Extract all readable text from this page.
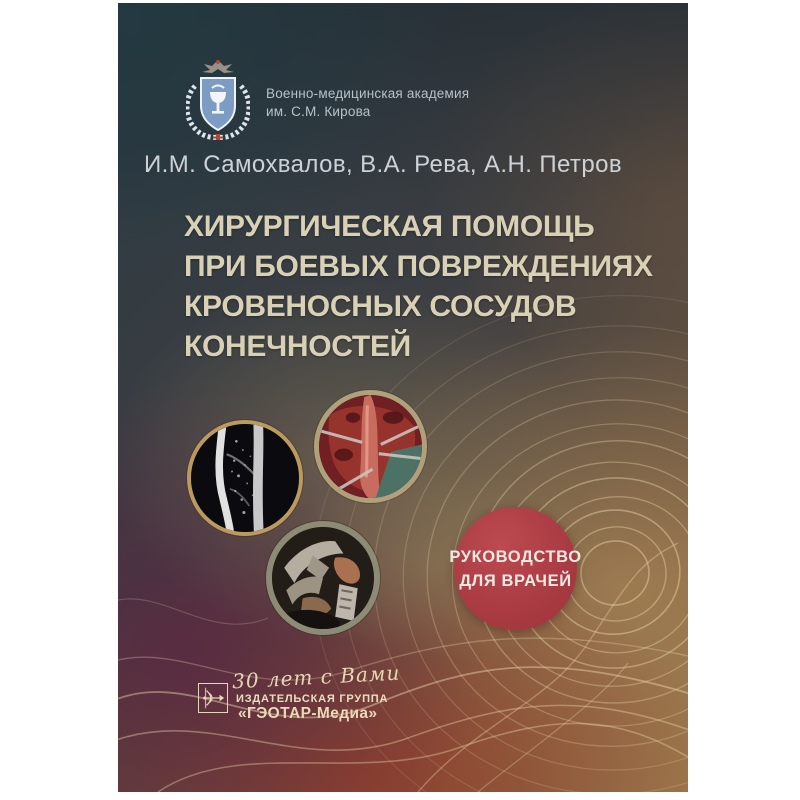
Военно-медицинская академия
им. С.М. Кирова
И.М. Самохвалов, В.А. Рева, А.Н. Петров
ХИРУРГИЧЕСКАЯ ПОМОЩЬ
ПРИ БОЕВЫХ ПОВРЕЖДЕНИЯХ
КРОВЕНОСНЫХ СОСУДОВ
КОНЕЧНОСТЕЙ
РУКОВОДСТВО
ДЛЯ ВРАЧЕЙ
30 лет с Вами
ИЗДАТЕЛЬСКАЯ ГРУППА
«ГЭОТАР-Медиа»
